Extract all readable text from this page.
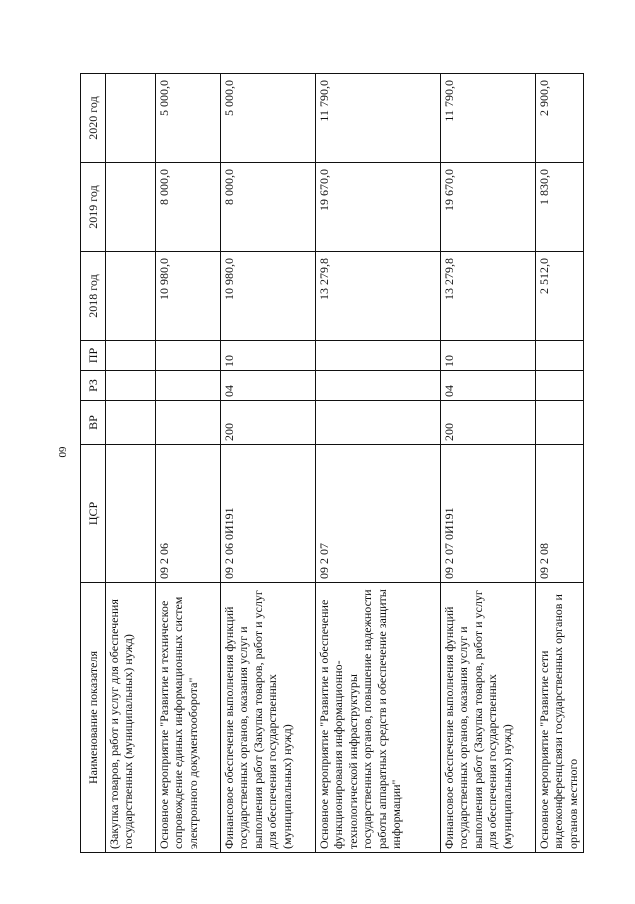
60
Наименование показателя	ЦСР	ВР	РЗ	ПР	2018 год	2019 год	2020 год
(Закупка товаров, работ и услуг для обеспечения государственных (муниципальных) нужд)							
Основное мероприятие "Развитие и техническое сопровождение единых информационных систем электронного документооборота"	09 2 06				10 980,0	8 000,0	5 000,0
Финансовое обеспечение выполнения функций государственных органов, оказания услуг и выполнения работ (Закупка товаров, работ и услуг для обеспечения государственных (муниципальных) нужд)	09 2 06 0И191	200	04	10	10 980,0	8 000,0	5 000,0
Основное мероприятие "Развитие и обеспечение функционирования информационно-технологической инфраструктуры государственных органов, повышение надежности работы аппаратных средств и обеспечение защиты информации"	09 2 07				13 279,8	19 670,0	11 790,0
Финансовое обеспечение выполнения функций государственных органов, оказания услуг и выполнения работ (Закупка товаров, работ и услуг для обеспечения государственных (муниципальных) нужд)	09 2 07 0И191	200	04	10	13 279,8	19 670,0	11 790,0
Основное мероприятие "Развитие сети видеоконференцсвязи государственных органов и органов местного	09 2 08				2 512,0	1 830,0	2 900,0
